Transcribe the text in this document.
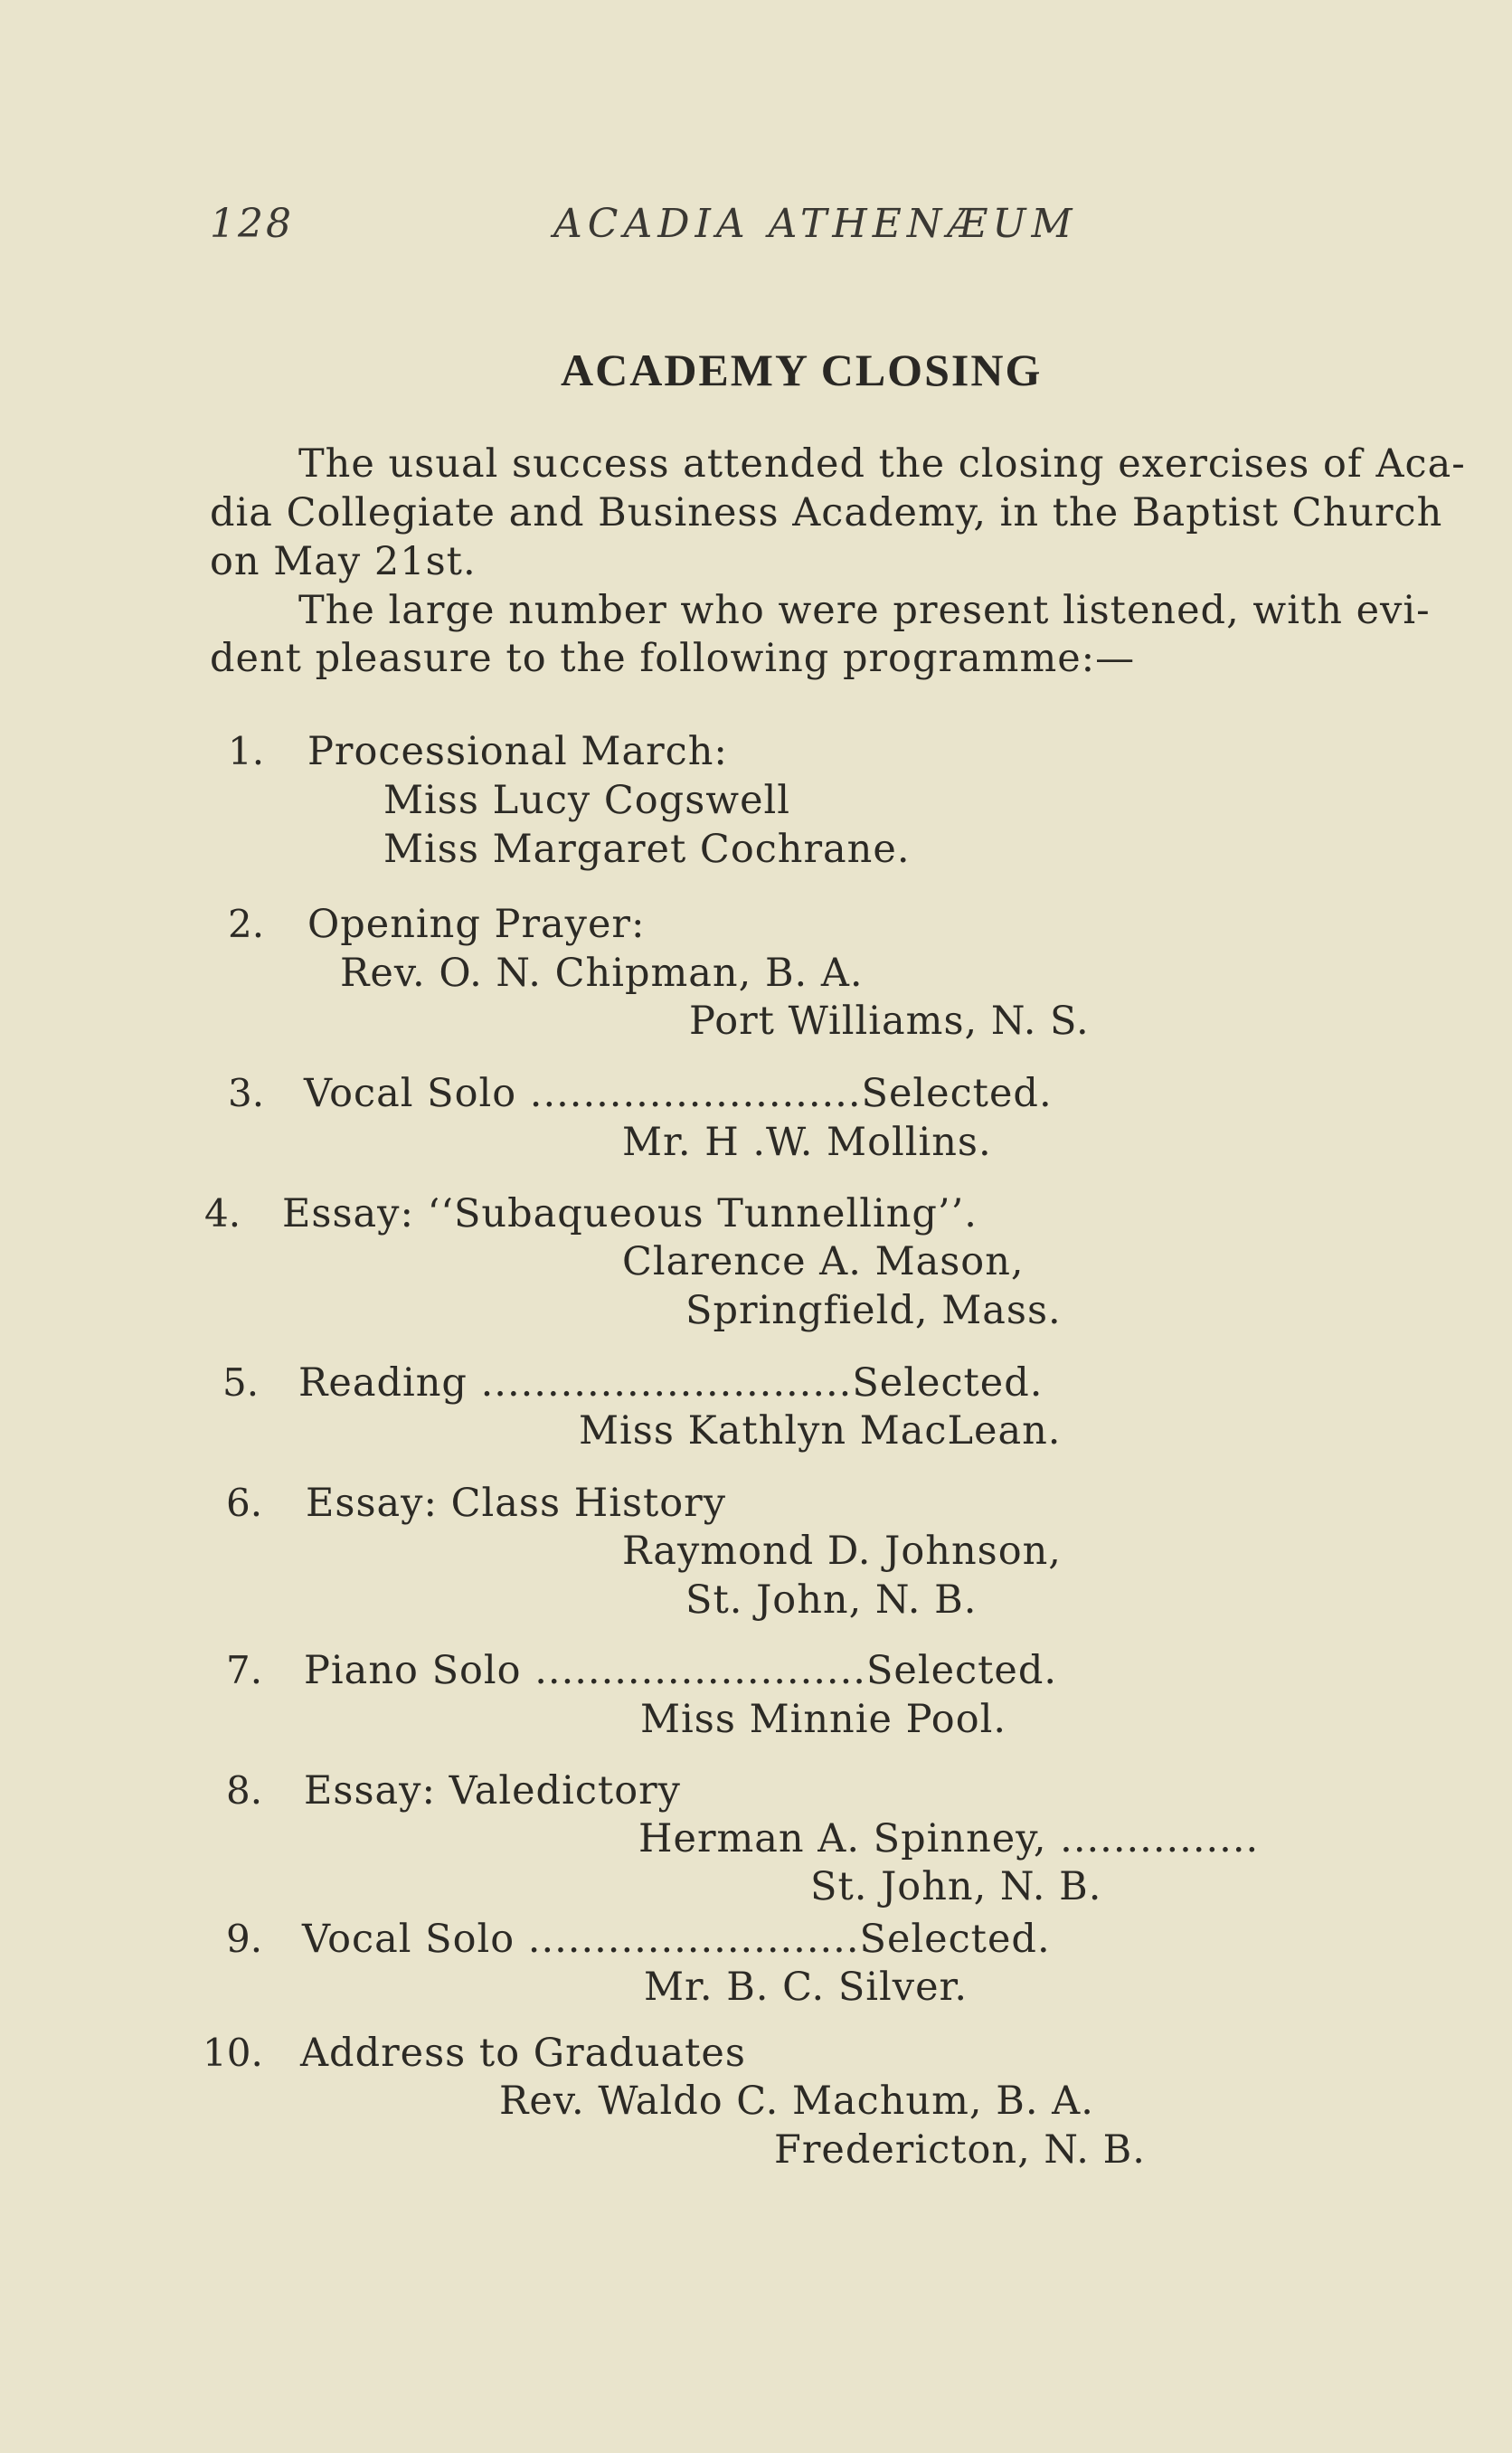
128	ACADIA ATHENÆUM
ACADEMY CLOSING
The usual success attended the closing exercises of Aca-
dia Collegiate and Business Academy, in the Baptist Church
on May 21st.
The large number who were present listened, with evi-
dent pleasure to the following programme:—
1. Processional March:
Miss Lucy Cogswell
Miss Margaret Cochrane.
2. Opening Prayer:
Rev. O. N. Chipman, B. A.
Port Williams, N. S.
3. Vocal Solo .........................Selected.
Mr. H .W. Mollins.
4. Essay: ‘‘Subaqueous Tunnelling’’.
Clarence A. Mason,
Springfield, Mass.
5. Reading ............................Selected.
Miss Kathlyn MacLean.
6. Essay: Class History
Raymond D. Johnson,
St. John, N. B.
7. Piano Solo .........................Selected.
Miss Minnie Pool.
8. Essay: Valedictory
Herman A. Spinney, ...............
St. John, N. B.
9. Vocal Solo .........................Selected.
Mr. B. C. Silver.
10. Address to Graduates
Rev. Waldo C. Machum, B. A.
Fredericton, N. B.
